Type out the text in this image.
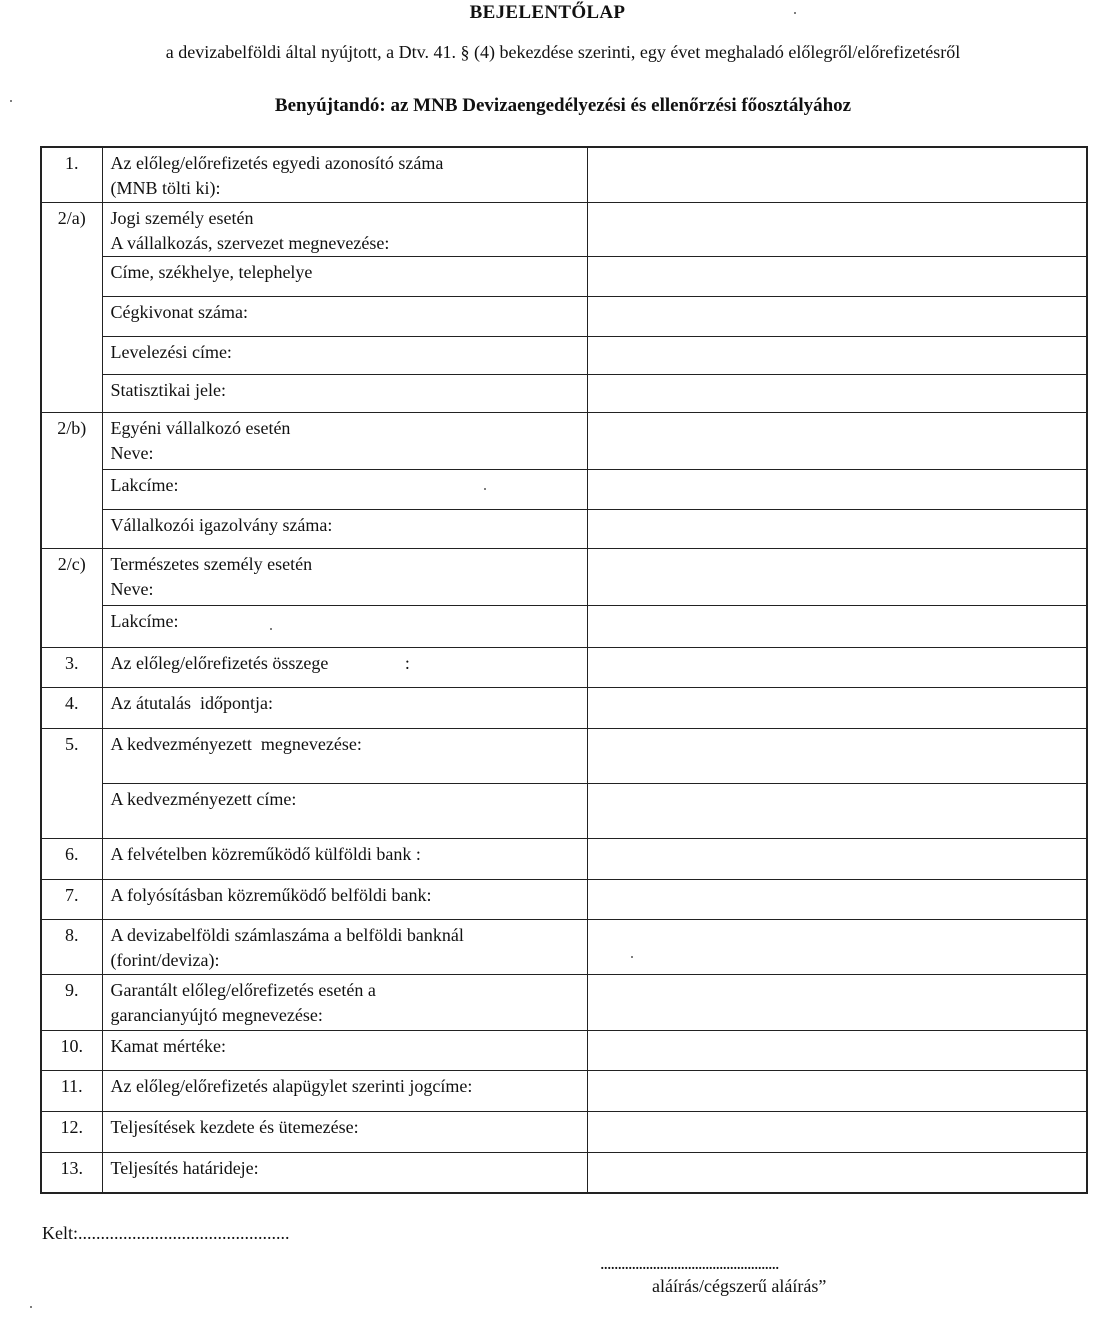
BEJELENTŐLAP
a devizabelföldi által nyújtott, a Dtv. 41. § (4) bekezdése szerinti, egy évet meghaladó előlegről/előrefizetésről
Benyújtandó: az MNB Devizaengedélyezési és ellenőrzési főosztályához
1.	Az előleg/előrefizetés egyedi azonosító száma
(MNB tölti ki):	

2/a)	Jogi személy esetén
A vállalkozás, szervezet megnevezése:	

	Címe, székhelye, telephelye	

	Cégkivonat száma:	

	Levelezési címe:	

	Statisztikai jele:	

2/b)	Egyéni vállalkozó esetén
Neve:	

	Lakcíme:	

	Vállalkozói igazolvány száma:	

2/c)	Természetes személy esetén
Neve:	

	Lakcíme:	

3.	Az előleg/előrefizetés összege                 :	

4.	Az átutalás  időpontja:	

5.	A kedvezményezett  megnevezése:	

	A kedvezményezett címe:	

6.	A felvételben közreműködő külföldi bank :	

7.	A folyósításban közreműködő belföldi bank:	

8.	A devizabelföldi számlaszáma a belföldi banknál
(forint/deviza):	

9.	Garantált előleg/előrefizetés esetén a
garancianyújtó megnevezése:	

10.	Kamat mértéke:	

11.	Az előleg/előrefizetés alapügylet szerinti jogcíme:	

12.	Teljesítések kezdete és ütemezése:	

13.	Teljesítés határideje:	

Kelt:...............................................
...................................................
aláírás/cégszerű aláírás”
